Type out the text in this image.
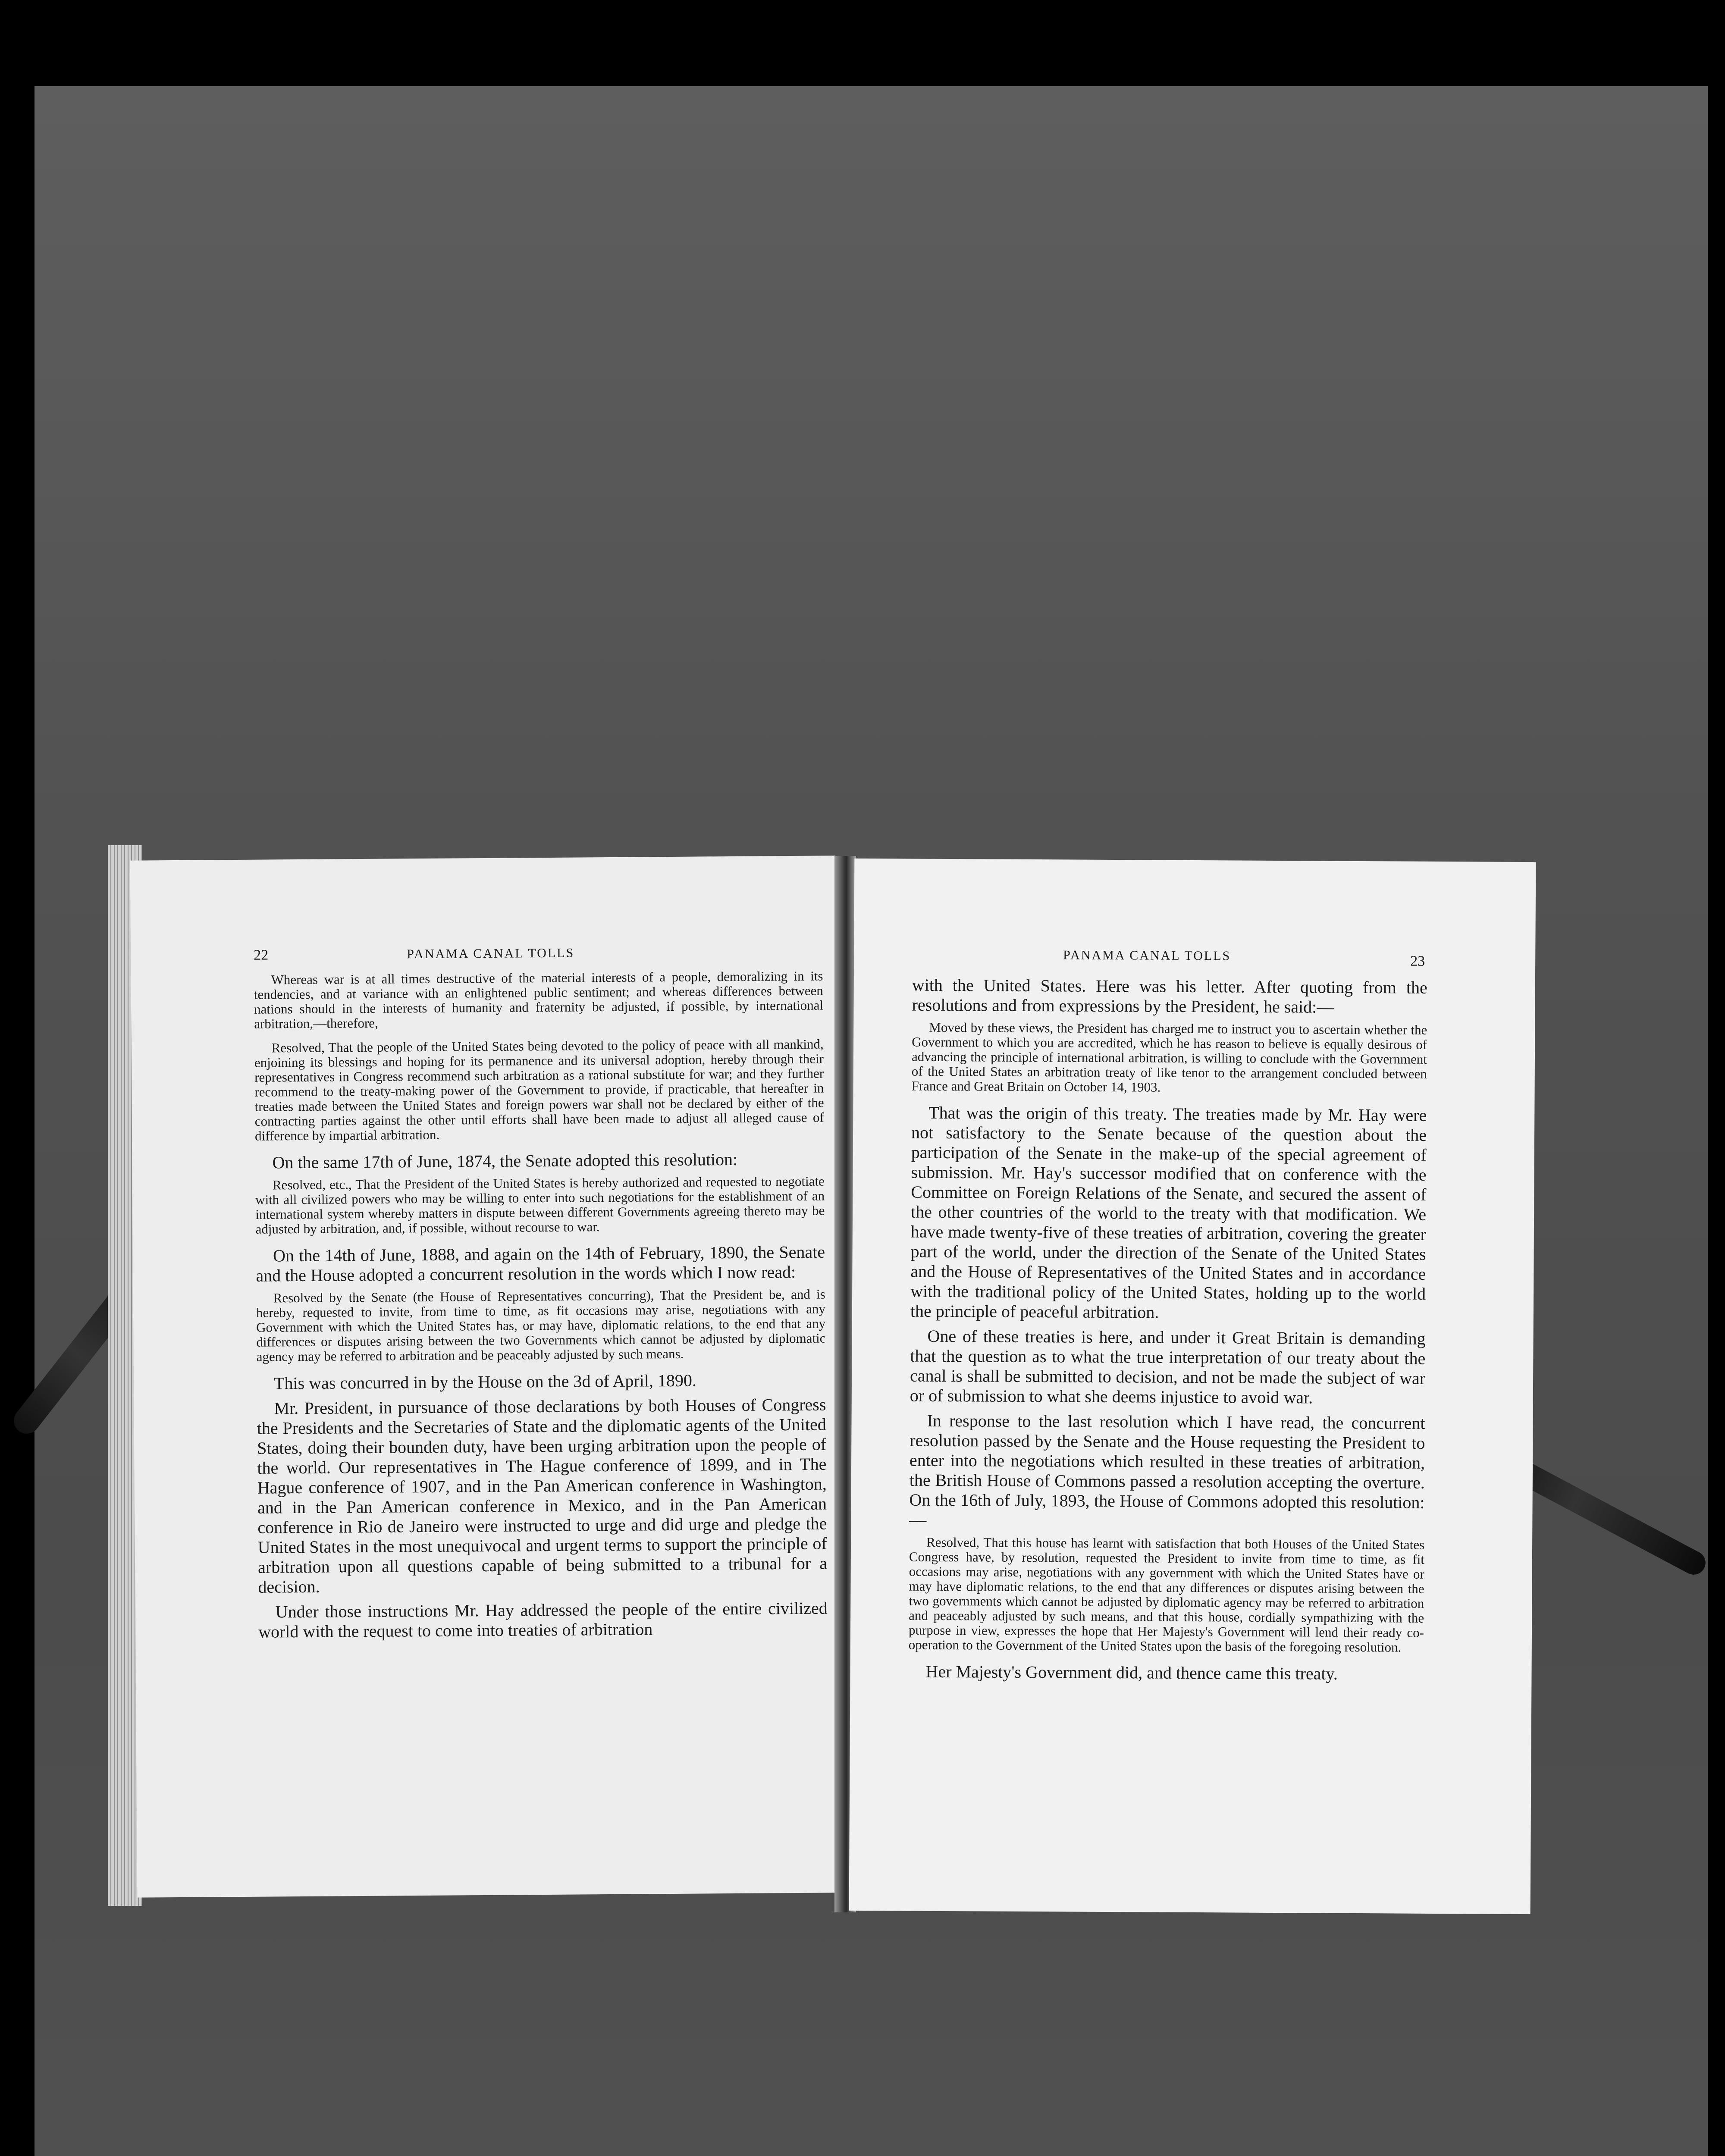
22	PANAMA CANAL TOLLS

Whereas war is at all times destructive of the material interests of a people, demoralizing in its tendencies, and at variance with an enlightened public sentiment; and whereas differences between nations should in the interests of humanity and fraternity be adjusted, if possible, by international arbitration,—therefore,

Resolved, That the people of the United States being devoted to the policy of peace with all mankind, enjoining its blessings and hoping for its permanence and its universal adoption, hereby through their representatives in Congress recommend such arbitration as a rational substitute for war; and they further recommend to the treaty-making power of the Government to provide, if practicable, that hereafter in treaties made between the United States and foreign powers war shall not be declared by either of the contracting parties against the other until efforts shall have been made to adjust all alleged cause of difference by impartial arbitration.

On the same 17th of June, 1874, the Senate adopted this resolution:

Resolved, etc., That the President of the United States is hereby authorized and requested to negotiate with all civilized powers who may be willing to enter into such negotiations for the establishment of an international system whereby matters in dispute between different Governments agreeing thereto may be adjusted by arbitration, and, if possible, without recourse to war.

On the 14th of June, 1888, and again on the 14th of February, 1890, the Senate and the House adopted a concurrent resolution in the words which I now read:

Resolved by the Senate (the House of Representatives concurring), That the President be, and is hereby, requested to invite, from time to time, as fit occasions may arise, negotiations with any Government with which the United States has, or may have, diplomatic relations, to the end that any differences or disputes arising between the two Governments which cannot be adjusted by diplomatic agency may be referred to arbitration and be peaceably adjusted by such means.

This was concurred in by the House on the 3d of April, 1890.

Mr. President, in pursuance of those declarations by both Houses of Congress the Presidents and the Secretaries of State and the diplomatic agents of the United States, doing their bounden duty, have been urging arbitration upon the people of the world. Our representatives in The Hague conference of 1899, and in The Hague conference of 1907, and in the Pan American conference in Washington, and in the Pan American conference in Mexico, and in the Pan American conference in Rio de Janeiro were instructed to urge and did urge and pledge the United States in the most unequivocal and urgent terms to support the principle of arbitration upon all questions capable of being submitted to a tribunal for a decision.

Under those instructions Mr. Hay addressed the people of the entire civilized world with the request to come into treaties of arbitration

PANAMA CANAL TOLLS	23

with the United States. Here was his letter. After quoting from the resolutions and from expressions by the President, he said:—

Moved by these views, the President has charged me to instruct you to ascertain whether the Government to which you are accredited, which he has reason to believe is equally desirous of advancing the principle of international arbitration, is willing to conclude with the Government of the United States an arbitration treaty of like tenor to the arrangement concluded between France and Great Britain on October 14, 1903.

That was the origin of this treaty. The treaties made by Mr. Hay were not satisfactory to the Senate because of the question about the participation of the Senate in the make-up of the special agreement of submission. Mr. Hay's successor modified that on conference with the Committee on Foreign Relations of the Senate, and secured the assent of the other countries of the world to the treaty with that modification. We have made twenty-five of these treaties of arbitration, covering the greater part of the world, under the direction of the Senate of the United States and the House of Representatives of the United States and in accordance with the traditional policy of the United States, holding up to the world the principle of peaceful arbitration.

One of these treaties is here, and under it Great Britain is demanding that the question as to what the true interpretation of our treaty about the canal is shall be submitted to decision, and not be made the subject of war or of submission to what she deems injustice to avoid war.

In response to the last resolution which I have read, the concurrent resolution passed by the Senate and the House requesting the President to enter into the negotiations which resulted in these treaties of arbitration, the British House of Commons passed a resolution accepting the overture. On the 16th of July, 1893, the House of Commons adopted this resolution:—

Resolved, That this house has learnt with satisfaction that both Houses of the United States Congress have, by resolution, requested the President to invite from time to time, as fit occasions may arise, negotiations with any government with which the United States have or may have diplomatic relations, to the end that any differences or disputes arising between the two governments which cannot be adjusted by diplomatic agency may be referred to arbitration and peaceably adjusted by such means, and that this house, cordially sympathizing with the purpose in view, expresses the hope that Her Majesty's Government will lend their ready co-operation to the Government of the United States upon the basis of the foregoing resolution.

Her Majesty's Government did, and thence came this treaty.
